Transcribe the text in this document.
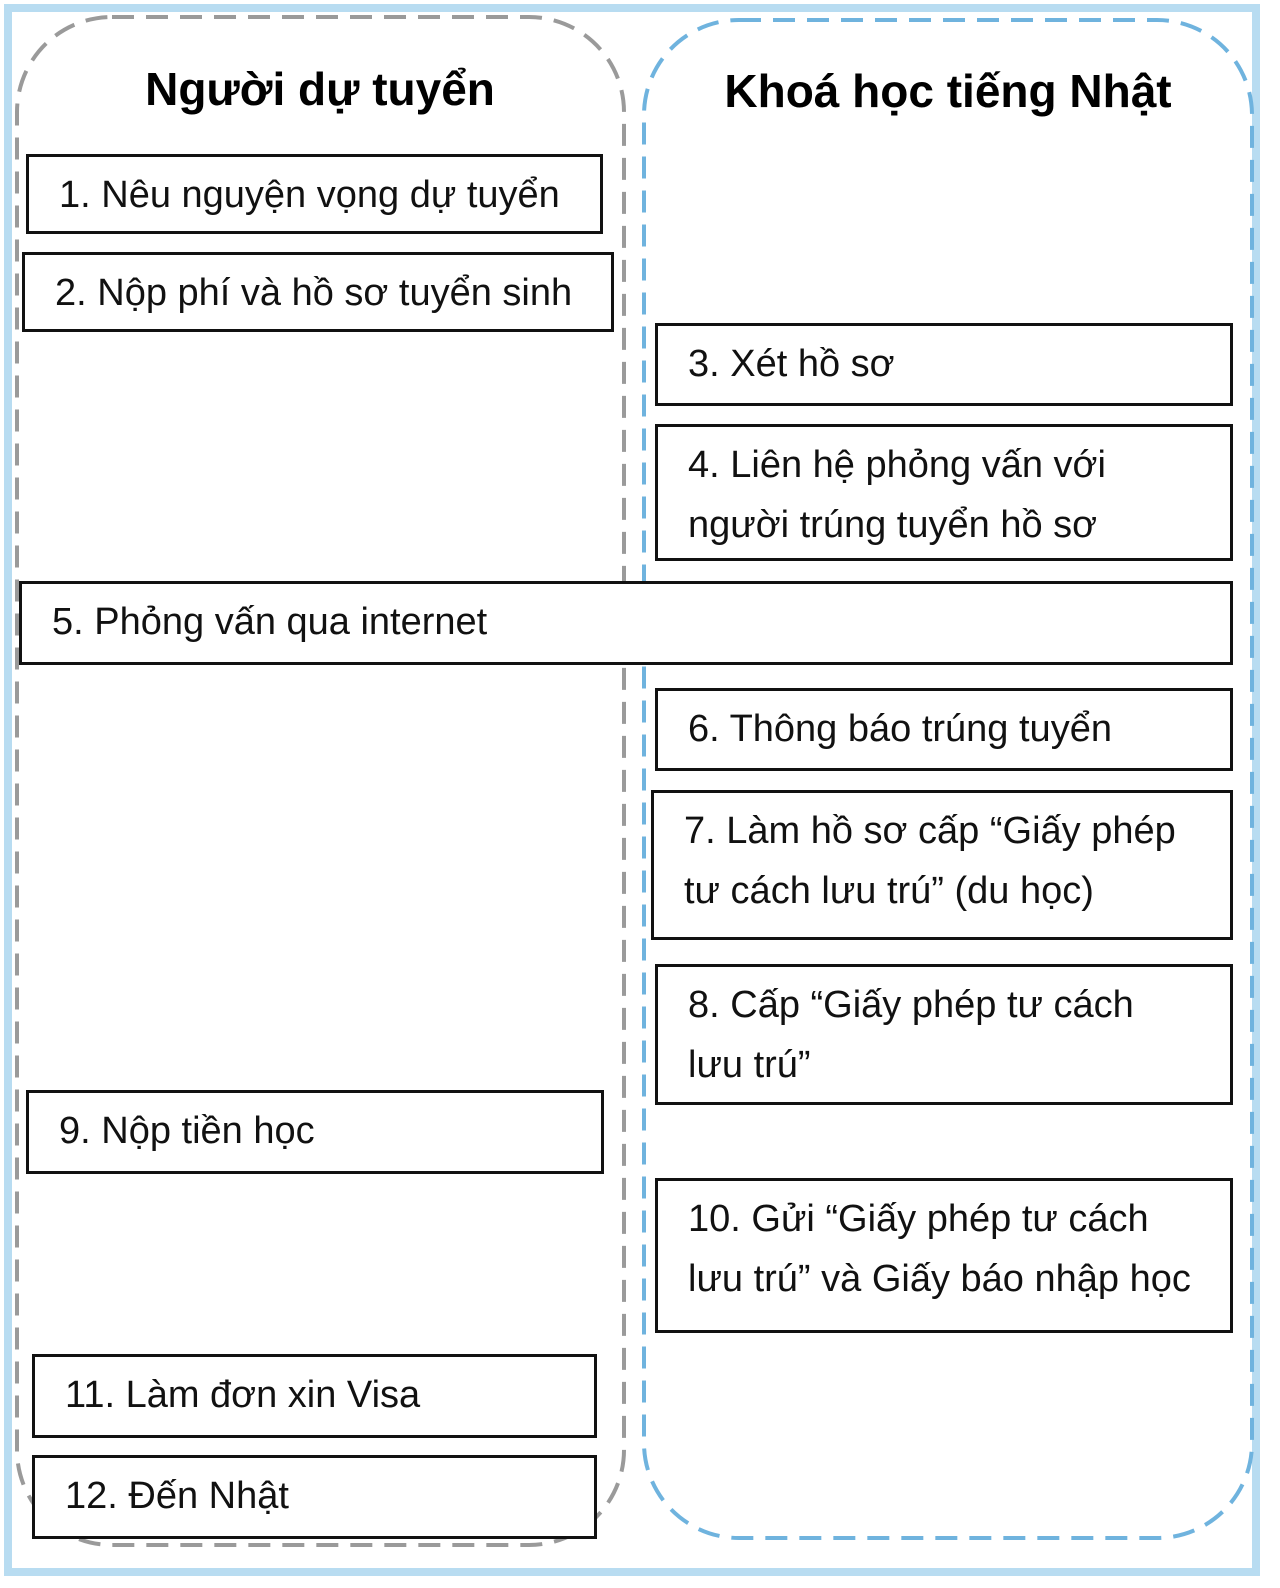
Người dự tuyển	Khoá học tiếng Nhật
1. Nêu nguyện vọng dự tuyển
2. Nộp phí và hồ sơ tuyển sinh
3. Xét hồ sơ
4. Liên hệ phỏng vấn với
người trúng tuyển hồ sơ
5. Phỏng vấn qua internet
6. Thông báo trúng tuyển
7. Làm hồ sơ cấp “Giấy phép
tư cách lưu trú” (du học)
8. Cấp “Giấy phép tư cách
lưu trú”
9. Nộp tiền học
10. Gửi “Giấy phép tư cách
lưu trú” và Giấy báo nhập học
11. Làm đơn xin Visa
12. Đến Nhật
